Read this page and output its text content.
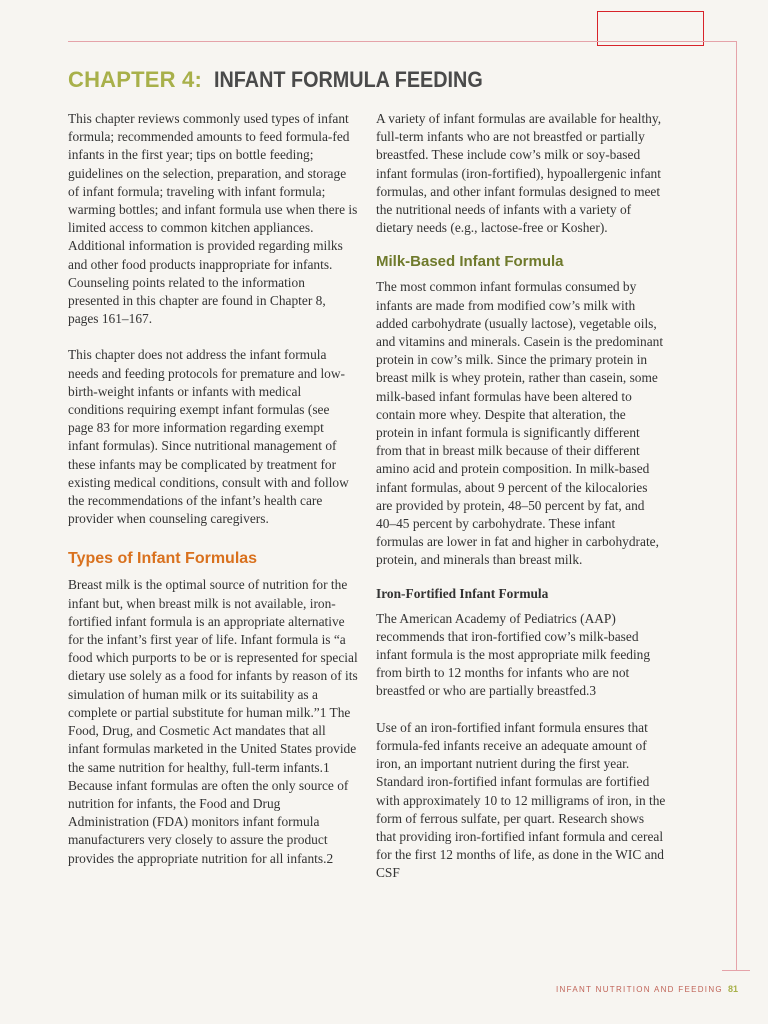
CHAPTER 4: INFANT FORMULA FEEDING

This chapter reviews commonly used types of infant formula; recommended amounts to feed formula-fed infants in the first year; tips on bottle feeding; guidelines on the selection, preparation, and storage of infant formula; traveling with infant formula; warming bottles; and infant formula use when there is limited access to common kitchen appliances. Additional information is provided regarding milks and other food products inappropriate for infants. Counseling points related to the information presented in this chapter are found in Chapter 8, pages 161–167.

This chapter does not address the infant formula needs and feeding protocols for premature and low-birth-weight infants or infants with medical conditions requiring exempt infant formulas (see page 83 for more information regarding exempt infant formulas). Since nutritional management of these infants may be complicated by treatment for existing medical conditions, consult with and follow the recommendations of the infant’s health care provider when counseling caregivers.

Types of Infant Formulas

Breast milk is the optimal source of nutrition for the infant but, when breast milk is not available, iron-fortified infant formula is an appropriate alternative for the infant’s first year of life. Infant formula is “a food which purports to be or is represented for special dietary use solely as a food for infants by reason of its simulation of human milk or its suitability as a complete or partial substitute for human milk.”1 The Food, Drug, and Cosmetic Act mandates that all infant formulas marketed in the United States provide the same nutrition for healthy, full-term infants.1 Because infant formulas are often the only source of nutrition for infants, the Food and Drug Administration (FDA) monitors infant formula manufacturers very closely to assure the product provides the appropriate nutrition for all infants.2

A variety of infant formulas are available for healthy, full-term infants who are not breastfed or partially breastfed. These include cow’s milk or soy-based infant formulas (iron-fortified), hypoallergenic infant formulas, and other infant formulas designed to meet the nutritional needs of infants with a variety of dietary needs (e.g., lactose-free or Kosher).

Milk-Based Infant Formula

The most common infant formulas consumed by infants are made from modified cow’s milk with added carbohydrate (usually lactose), vegetable oils, and vitamins and minerals. Casein is the predominant protein in cow’s milk. Since the primary protein in breast milk is whey protein, rather than casein, some milk-based infant formulas have been altered to contain more whey. Despite that alteration, the protein in infant formula is significantly different from that in breast milk because of their different amino acid and protein composition. In milk-based infant formulas, about 9 percent of the kilocalories are provided by protein, 48–50 percent by fat, and 40–45 percent by carbohydrate. These infant formulas are lower in fat and higher in carbohydrate, protein, and minerals than breast milk.

Iron-Fortified Infant Formula

The American Academy of Pediatrics (AAP) recommends that iron-fortified cow’s milk-based infant formula is the most appropriate milk feeding from birth to 12 months for infants who are not breastfed or who are partially breastfed.3

Use of an iron-fortified infant formula ensures that formula-fed infants receive an adequate amount of iron, an important nutrient during the first year. Standard iron-fortified infant formulas are fortified with approximately 10 to 12 milligrams of iron, in the form of ferrous sulfate, per quart. Research shows that providing iron-fortified infant formula and cereal for the first 12 months of life, as done in the WIC and CSF

INFANT NUTRITION AND FEEDING 81
